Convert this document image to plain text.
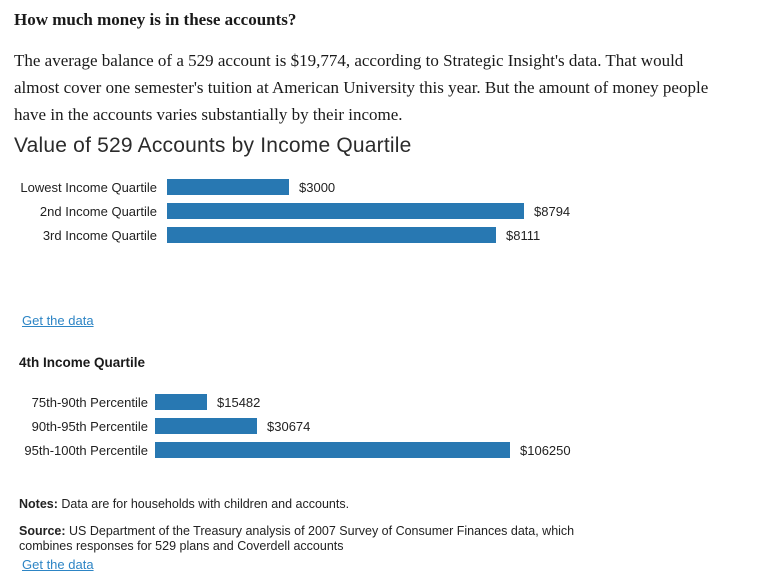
How much money is in these accounts?

The average balance of a 529 account is $19,774, according to Strategic Insight's data. That would almost cover one semester's tuition at American University this year. But the amount of money people have in the accounts varies substantially by their income.

Value of 529 Accounts by Income Quartile
Lowest Income Quartile	$3000
2nd Income Quartile	$8794
3rd Income Quartile	$8111
Get the data
4th Income Quartile
75th-90th Percentile	$15482
90th-95th Percentile	$30674
95th-100th Percentile	$106250

Notes: Data are for households with children and accounts.

Source: US Department of the Treasury analysis of 2007 Survey of Consumer Finances data, which combines responses for 529 plans and Coverdell accounts

Get the data
